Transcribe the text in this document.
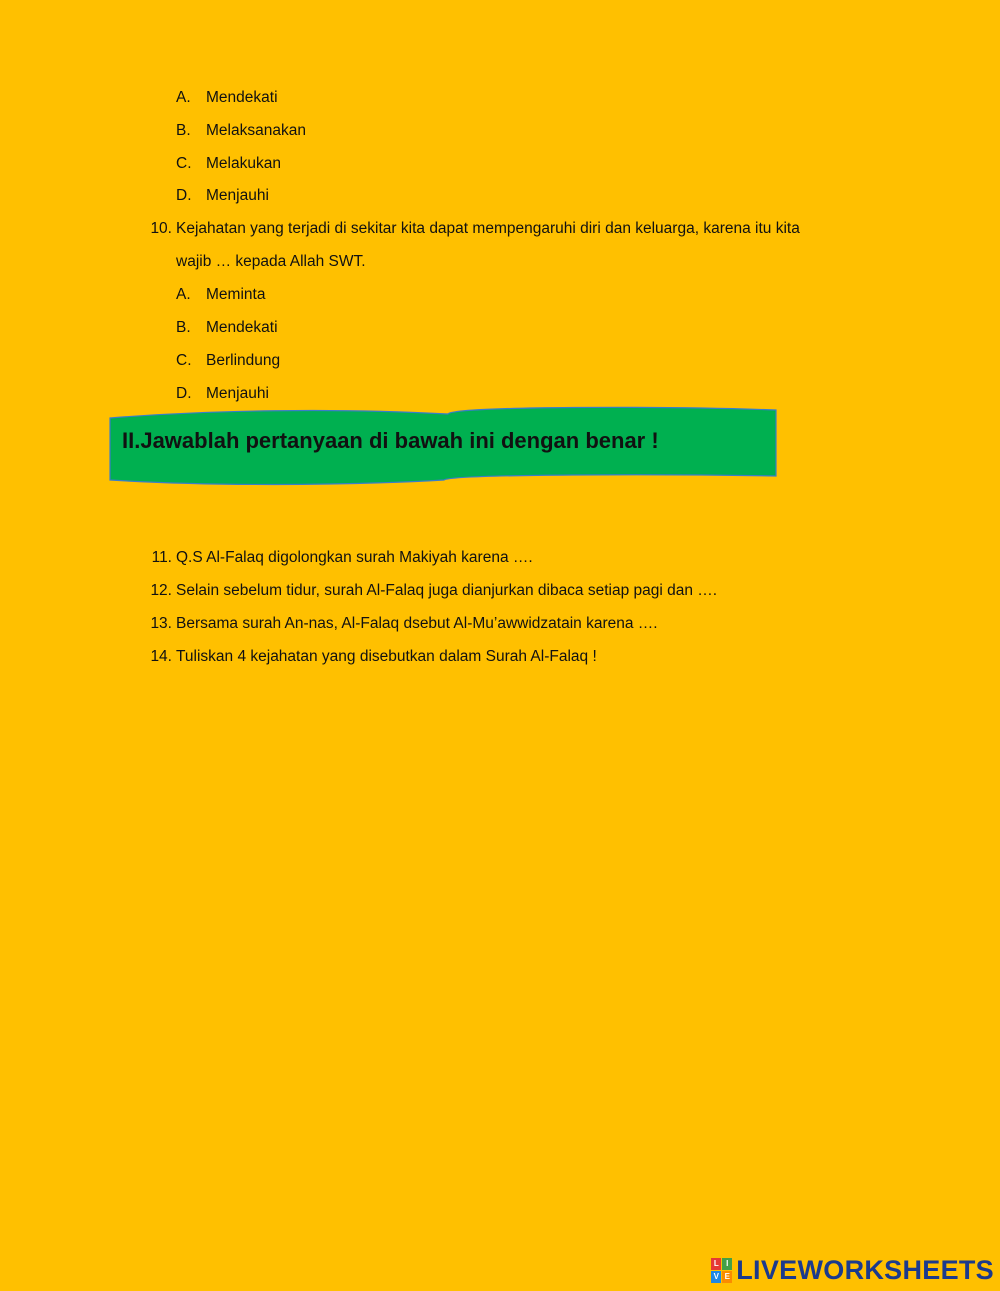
A. Mendekati
B. Melaksanakan
C. Melakukan
D. Menjauhi
10. Kejahatan yang terjadi di sekitar kita dapat mempengaruhi diri dan keluarga, karena itu kita
wajib … kepada Allah SWT.
A. Meminta
B. Mendekati
C. Berlindung
D. Menjauhi
II.Jawablah pertanyaan di bawah ini dengan benar !
11. Q.S Al-Falaq digolongkan surah Makiyah karena ….
12. Selain sebelum tidur, surah Al-Falaq juga dianjurkan dibaca setiap pagi dan ….
13. Bersama surah An-nas, Al-Falaq dsebut Al-Mu’awwidzatain karena ….
14. Tuliskan 4 kejahatan yang disebutkan dalam Surah Al-Falaq !
L I
V E LIVEWORKSHEETS
